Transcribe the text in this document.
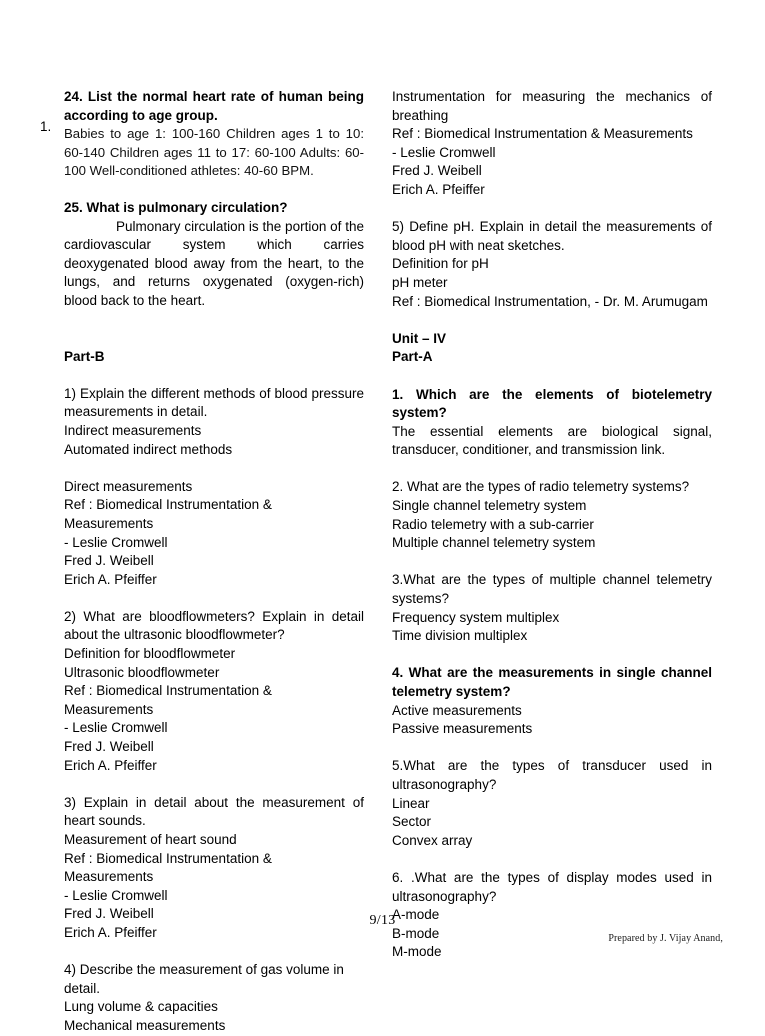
1.
24. List the normal heart rate of human being according to age group.
Babies to age 1: 100-160 Children ages 1 to 10: 60-140 Children ages 11 to 17: 60-100 Adults: 60-100 Well-conditioned athletes: 40-60 BPM.
25. What is pulmonary circulation?
Pulmonary circulation is the portion of the cardiovascular system which carries deoxygenated blood away from the heart, to the lungs, and returns oxygenated (oxygen-rich) blood back to the heart.
Part-B
1) Explain the different methods of blood pressure measurements in detail.
Indirect measurements
Automated indirect methods
Direct measurements
Ref : Biomedical Instrumentation & Measurements
- Leslie Cromwell
Fred J. Weibell
Erich A. Pfeiffer
2) What are bloodflowmeters? Explain in detail about the ultrasonic bloodflowmeter?
Definition for bloodflowmeter
Ultrasonic bloodflowmeter
Ref : Biomedical Instrumentation & Measurements
- Leslie Cromwell
Fred J. Weibell
Erich A. Pfeiffer
3) Explain in detail about the measurement of heart sounds.
Measurement of heart sound
Ref : Biomedical Instrumentation & Measurements
- Leslie Cromwell
Fred J. Weibell
Erich A. Pfeiffer
4) Describe the measurement of gas volume in detail.
Lung volume & capacities
Mechanical measurements
Instrumentation for measuring the mechanics of breathing
Ref : Biomedical Instrumentation & Measurements
- Leslie Cromwell
Fred J. Weibell
Erich A. Pfeiffer
5) Define pH. Explain in detail the measurements of blood pH with neat sketches.
Definition for pH
pH meter
Ref : Biomedical Instrumentation, - Dr. M. Arumugam
Unit – IV
Part-A
1. Which are the elements of biotelemetry system?
The essential elements are biological signal, transducer, conditioner, and transmission link.
2. What are the types of radio telemetry systems?
Single channel telemetry system
Radio telemetry with a sub-carrier
Multiple channel telemetry system
3.What are the types of multiple channel telemetry systems?
Frequency system multiplex
Time division multiplex
4. What are the measurements in single channel telemetry system?
Active measurements
Passive measurements
5.What are the types of transducer used in ultrasonography?
Linear
Sector
Convex array
6. .What are the types of display modes used in ultrasonography?
A-mode
B-mode
M-mode
9/13
Prepared by J. Vijay Anand,
